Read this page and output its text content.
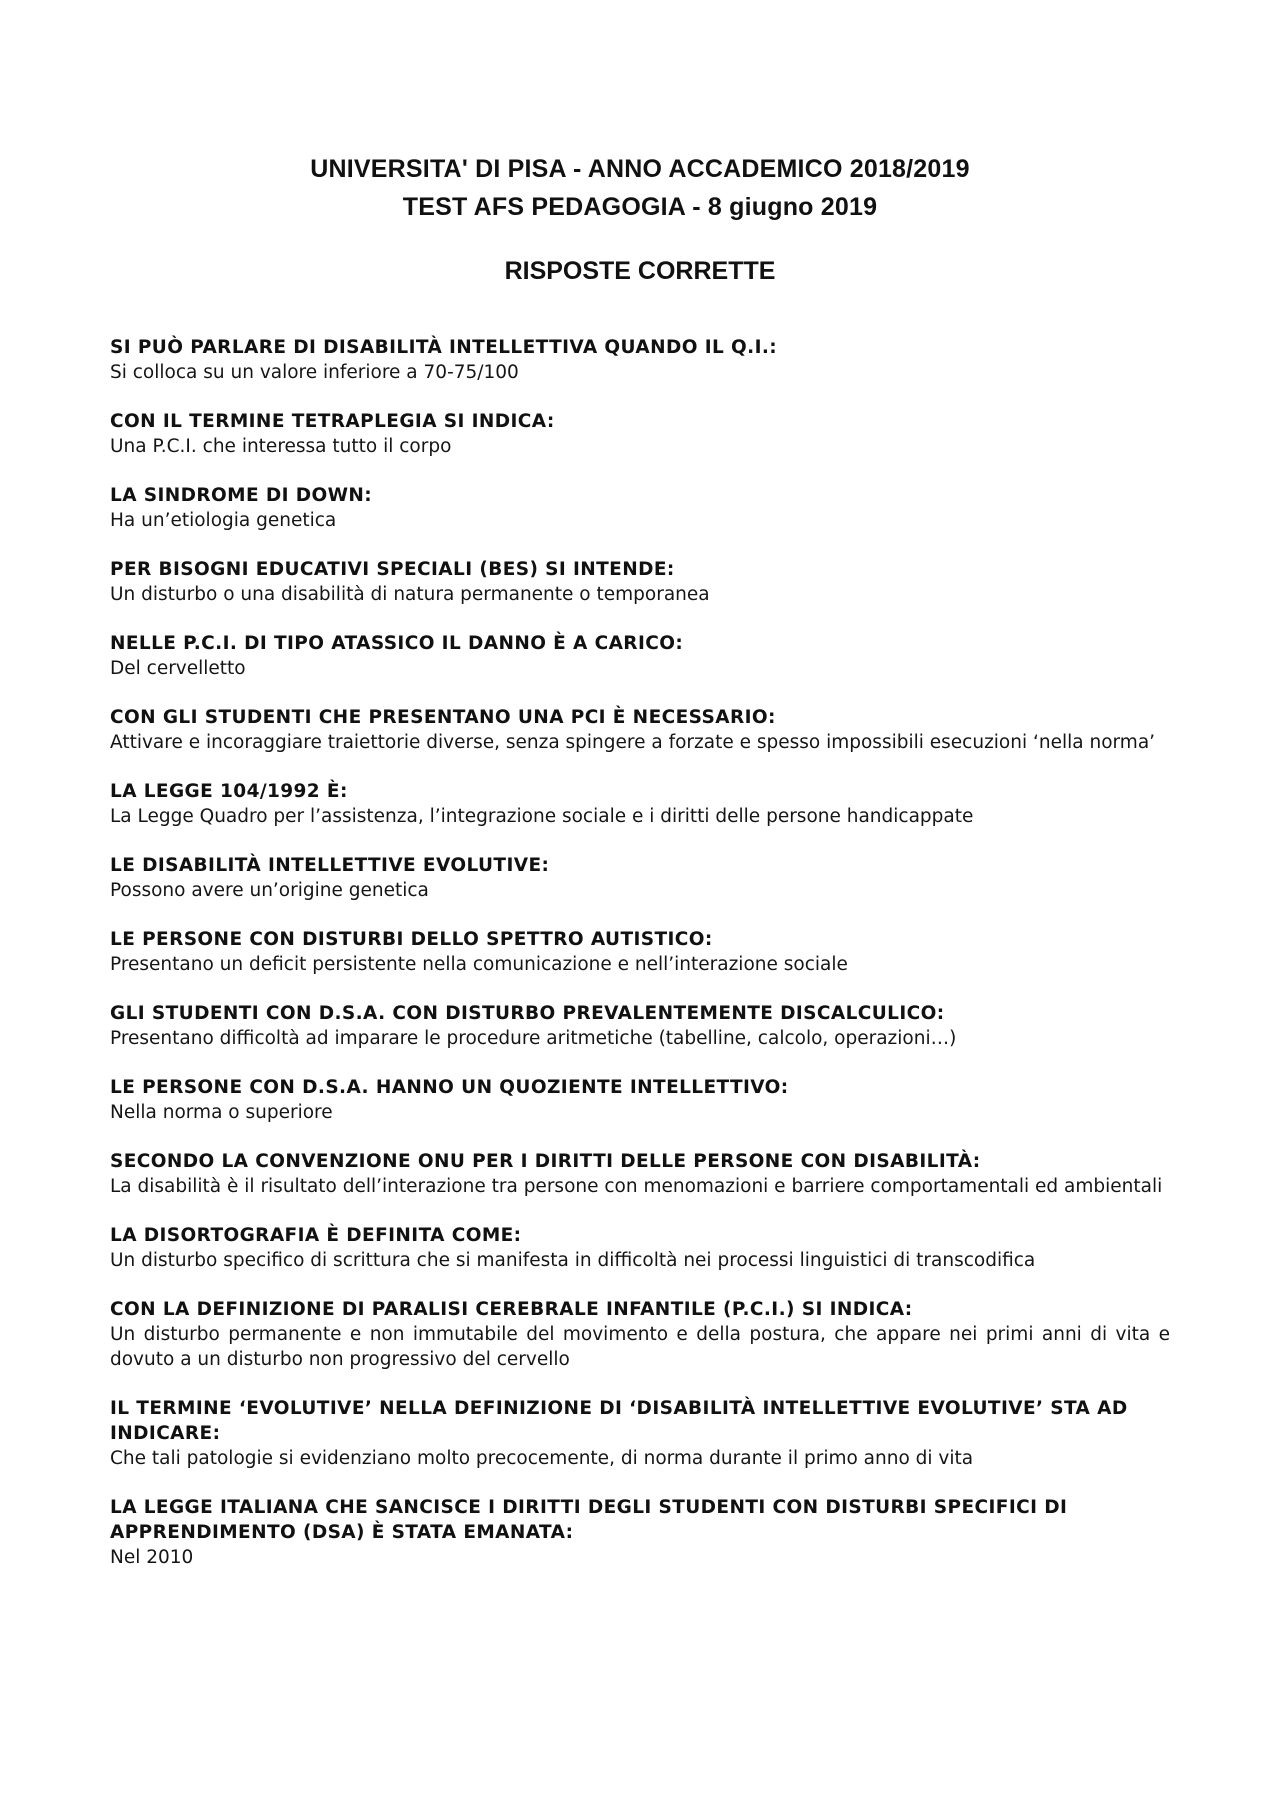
UNIVERSITA' DI PISA - ANNO ACCADEMICO 2018/2019
TEST AFS PEDAGOGIA - 8 giugno 2019
RISPOSTE CORRETTE
SI PUÒ PARLARE DI DISABILITÀ INTELLETTIVA QUANDO IL Q.I.:
Si colloca su un valore inferiore a 70-75/100
CON IL TERMINE TETRAPLEGIA SI INDICA:
Una P.C.I. che interessa tutto il corpo
LA SINDROME DI DOWN:
Ha un’etiologia genetica
PER BISOGNI EDUCATIVI SPECIALI (BES) SI INTENDE:
Un disturbo o una disabilità di natura permanente o temporanea
NELLE P.C.I. DI TIPO ATASSICO IL DANNO È A CARICO:
Del cervelletto
CON GLI STUDENTI CHE PRESENTANO UNA PCI È NECESSARIO:
Attivare e incoraggiare traiettorie diverse, senza spingere a forzate e spesso impossibili esecuzioni ‘nella norma’
LA LEGGE 104/1992 È:
La Legge Quadro per l’assistenza, l’integrazione sociale e i diritti delle persone handicappate
LE DISABILITÀ INTELLETTIVE EVOLUTIVE:
Possono avere un’origine genetica
LE PERSONE CON DISTURBI DELLO SPETTRO AUTISTICO:
Presentano un deficit persistente nella comunicazione e nell’interazione sociale
GLI STUDENTI CON D.S.A. CON DISTURBO PREVALENTEMENTE DISCALCULICO:
Presentano difficoltà ad imparare le procedure aritmetiche (tabelline, calcolo, operazioni…)
LE PERSONE CON D.S.A. HANNO UN QUOZIENTE INTELLETTIVO:
Nella norma o superiore
SECONDO LA CONVENZIONE ONU PER I DIRITTI DELLE PERSONE CON DISABILITÀ:
La disabilità è il risultato dell’interazione tra persone con menomazioni e barriere comportamentali ed ambientali
LA DISORTOGRAFIA È DEFINITA COME:
Un disturbo specifico di scrittura che si manifesta in difficoltà nei processi linguistici di transcodifica
CON LA DEFINIZIONE DI PARALISI CEREBRALE INFANTILE (P.C.I.) SI INDICA:
Un disturbo permanente e non immutabile del movimento e della postura, che appare nei primi anni di vita e dovuto a un disturbo non progressivo del cervello
IL TERMINE ‘EVOLUTIVE’ NELLA DEFINIZIONE DI ‘DISABILITÀ INTELLETTIVE EVOLUTIVE’ STA AD INDICARE:
Che tali patologie si evidenziano molto precocemente, di norma durante il primo anno di vita
LA LEGGE ITALIANA CHE SANCISCE I DIRITTI DEGLI STUDENTI CON DISTURBI SPECIFICI DI APPRENDIMENTO (DSA) È STATA EMANATA:
Nel 2010
